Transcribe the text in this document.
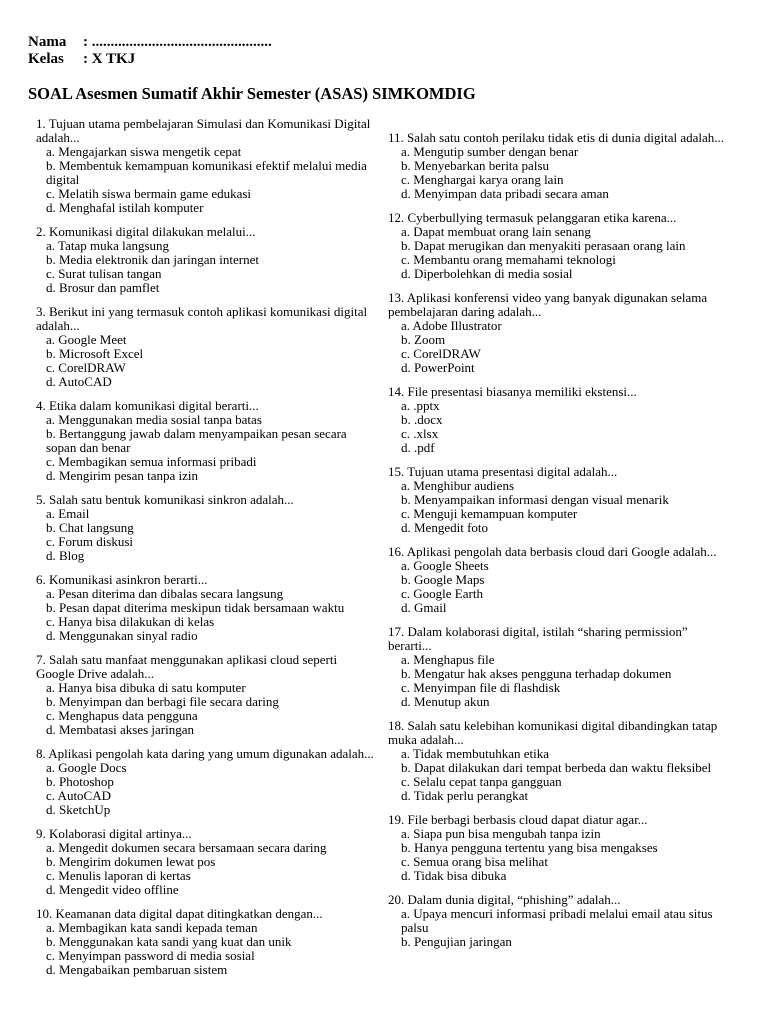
Nama	: ................................................
Kelas	: X TKJ
SOAL Asesmen Sumatif Akhir Semester (ASAS) SIMKOMDIG
1. Tujuan utama pembelajaran Simulasi dan Komunikasi Digital adalah...
a. Mengajarkan siswa mengetik cepat
b. Membentuk kemampuan komunikasi efektif melalui media digital
c. Melatih siswa bermain game edukasi
d. Menghafal istilah komputer
2. Komunikasi digital dilakukan melalui...
a. Tatap muka langsung
b. Media elektronik dan jaringan internet
c. Surat tulisan tangan
d. Brosur dan pamflet
3. Berikut ini yang termasuk contoh aplikasi komunikasi digital adalah...
a. Google Meet
b. Microsoft Excel
c. CorelDRAW
d. AutoCAD
4. Etika dalam komunikasi digital berarti...
a. Menggunakan media sosial tanpa batas
b. Bertanggung jawab dalam menyampaikan pesan secara sopan dan benar
c. Membagikan semua informasi pribadi
d. Mengirim pesan tanpa izin
5. Salah satu bentuk komunikasi sinkron adalah...
a. Email
b. Chat langsung
c. Forum diskusi
d. Blog
6. Komunikasi asinkron berarti...
a. Pesan diterima dan dibalas secara langsung
b. Pesan dapat diterima meskipun tidak bersamaan waktu
c. Hanya bisa dilakukan di kelas
d. Menggunakan sinyal radio
7. Salah satu manfaat menggunakan aplikasi cloud seperti Google Drive adalah...
a. Hanya bisa dibuka di satu komputer
b. Menyimpan dan berbagi file secara daring
c. Menghapus data pengguna
d. Membatasi akses jaringan
8. Aplikasi pengolah kata daring yang umum digunakan adalah...
a. Google Docs
b. Photoshop
c. AutoCAD
d. SketchUp
9. Kolaborasi digital artinya...
a. Mengedit dokumen secara bersamaan secara daring
b. Mengirim dokumen lewat pos
c. Menulis laporan di kertas
d. Mengedit video offline
10. Keamanan data digital dapat ditingkatkan dengan...
a. Membagikan kata sandi kepada teman
b. Menggunakan kata sandi yang kuat dan unik
c. Menyimpan password di media sosial
d. Mengabaikan pembaruan sistem
11. Salah satu contoh perilaku tidak etis di dunia digital adalah...
a. Mengutip sumber dengan benar
b. Menyebarkan berita palsu
c. Menghargai karya orang lain
d. Menyimpan data pribadi secara aman
12. Cyberbullying termasuk pelanggaran etika karena...
a. Dapat membuat orang lain senang
b. Dapat merugikan dan menyakiti perasaan orang lain
c. Membantu orang memahami teknologi
d. Diperbolehkan di media sosial
13. Aplikasi konferensi video yang banyak digunakan selama pembelajaran daring adalah...
a. Adobe Illustrator
b. Zoom
c. CorelDRAW
d. PowerPoint
14. File presentasi biasanya memiliki ekstensi...
a. .pptx
b. .docx
c. .xlsx
d. .pdf
15. Tujuan utama presentasi digital adalah...
a. Menghibur audiens
b. Menyampaikan informasi dengan visual menarik
c. Menguji kemampuan komputer
d. Mengedit foto
16. Aplikasi pengolah data berbasis cloud dari Google adalah...
a. Google Sheets
b. Google Maps
c. Google Earth
d. Gmail
17. Dalam kolaborasi digital, istilah “sharing permission” berarti...
a. Menghapus file
b. Mengatur hak akses pengguna terhadap dokumen
c. Menyimpan file di flashdisk
d. Menutup akun
18. Salah satu kelebihan komunikasi digital dibandingkan tatap muka adalah...
a. Tidak membutuhkan etika
b. Dapat dilakukan dari tempat berbeda dan waktu fleksibel
c. Selalu cepat tanpa gangguan
d. Tidak perlu perangkat
19. File berbagi berbasis cloud dapat diatur agar...
a. Siapa pun bisa mengubah tanpa izin
b. Hanya pengguna tertentu yang bisa mengakses
c. Semua orang bisa melihat
d. Tidak bisa dibuka
20. Dalam dunia digital, “phishing” adalah...
a. Upaya mencuri informasi pribadi melalui email atau situs palsu
b. Pengujian jaringan
